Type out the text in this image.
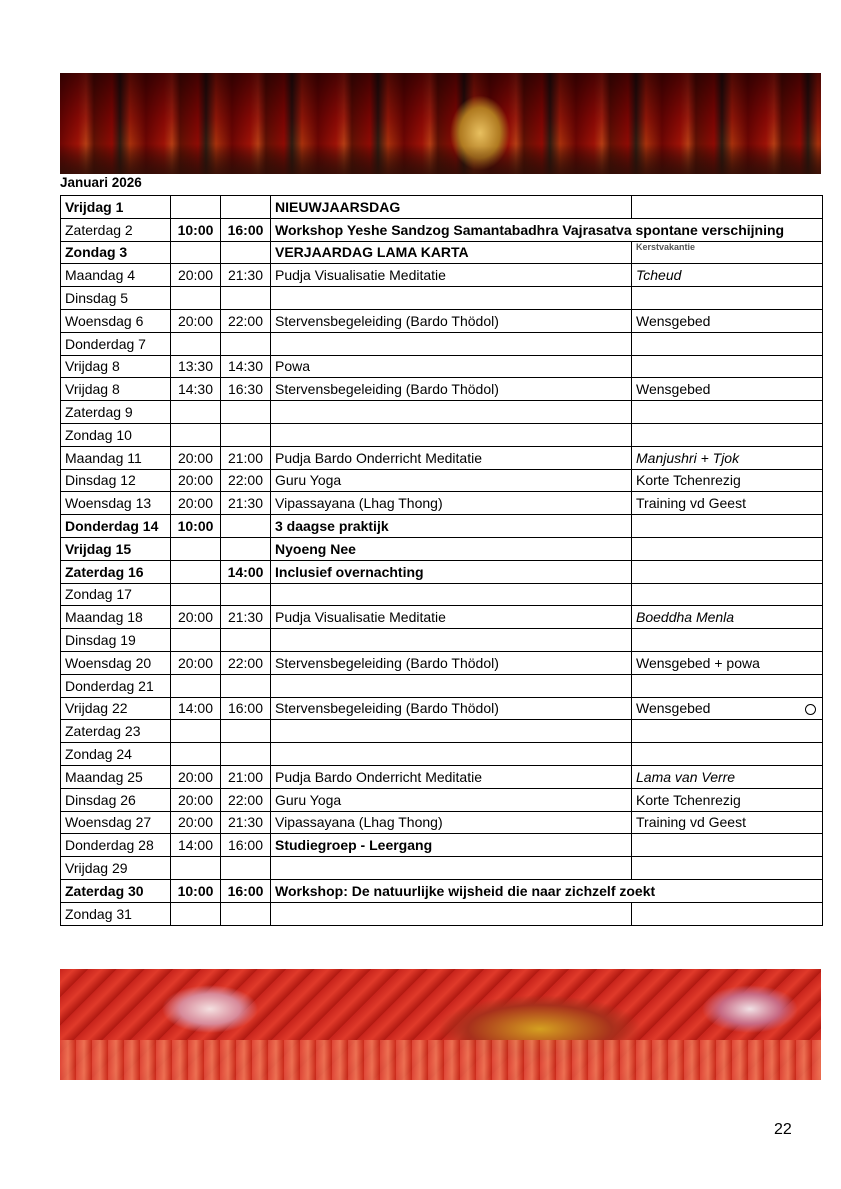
Januari 2026
Vrijdag 1			NIEUWJAARSDAG	
Zaterdag 2	10:00	16:00	Workshop Yeshe Sandzog Samantabadhra Vajrasatva spontane verschijning	
Zondag 3			VERJAARDAG LAMA KARTA	Kerstvakantie
Maandag 4	20:00	21:30	Pudja Visualisatie Meditatie	Tcheud
Dinsdag 5				
Woensdag 6	20:00	22:00	Stervensbegeleiding (Bardo Thödol)	Wensgebed
Donderdag 7				
Vrijdag 8	13:30	14:30	Powa	
Vrijdag 8	14:30	16:30	Stervensbegeleiding (Bardo Thödol)	Wensgebed
Zaterdag 9				
Zondag 10				
Maandag 11	20:00	21:00	Pudja Bardo Onderricht Meditatie	Manjushri + Tjok
Dinsdag 12	20:00	22:00	Guru Yoga	Korte Tchenrezig
Woensdag 13	20:00	21:30	Vipassayana (Lhag Thong)	Training vd Geest
Donderdag 14	10:00		3 daagse praktijk	
Vrijdag 15			Nyoeng Nee	
Zaterdag 16		14:00	Inclusief overnachting	
Zondag 17				
Maandag 18	20:00	21:30	Pudja Visualisatie Meditatie	Boeddha Menla
Dinsdag 19				
Woensdag 20	20:00	22:00	Stervensbegeleiding (Bardo Thödol)	Wensgebed + powa
Donderdag 21				
Vrijdag 22	14:00	16:00	Stervensbegeleiding (Bardo Thödol)	Wensgebed

Zaterdag 23				
Zondag 24				
Maandag 25	20:00	21:00	Pudja Bardo Onderricht Meditatie	Lama van Verre
Dinsdag 26	20:00	22:00	Guru Yoga	Korte Tchenrezig
Woensdag 27	20:00	21:30	Vipassayana (Lhag Thong)	Training vd Geest
Donderdag 28	14:00	16:00	Studiegroep - Leergang	
Vrijdag 29				
Zaterdag 30	10:00	16:00	Workshop: De natuurlijke wijsheid die naar zichzelf zoekt	
Zondag 31				
22
